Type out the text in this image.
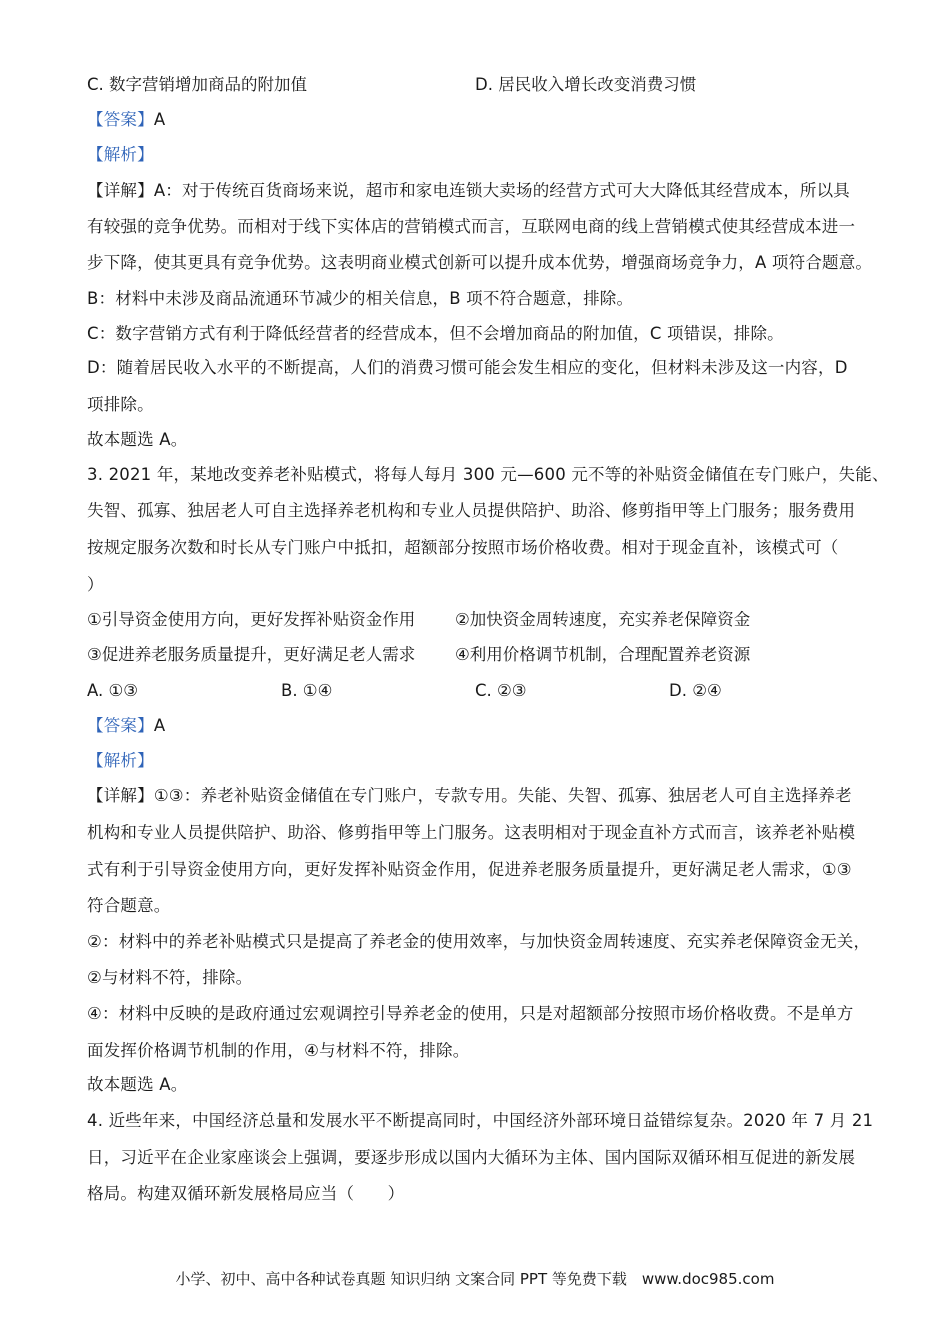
C. 数字营销增加商品的附加值	D. 居民收入增长改变消费习惯
【答案】A
【解析】
【详解】A：对于传统百货商场来说，超市和家电连锁大卖场的经营方式可大大降低其经营成本，所以具
有较强的竞争优势。而相对于线下实体店的营销模式而言，互联网电商的线上营销模式使其经营成本进一
步下降，使其更具有竞争优势。这表明商业模式创新可以提升成本优势，增强商场竞争力，A 项符合题意。
B：材料中未涉及商品流通环节减少的相关信息，B 项不符合题意，排除。
C：数字营销方式有利于降低经营者的经营成本，但不会增加商品的附加值，C 项错误，排除。
D：随着居民收入水平的不断提高，人们的消费习惯可能会发生相应的变化，但材料未涉及这一内容，D
项排除。
故本题选 A。
3. 2021 年，某地改变养老补贴模式，将每人每月 300 元—600 元不等的补贴资金储值在专门账户，失能、
失智、孤寡、独居老人可自主选择养老机构和专业人员提供陪护、助浴、修剪指甲等上门服务；服务费用
按规定服务次数和时长从专门账户中抵扣，超额部分按照市场价格收费。相对于现金直补，该模式可（
）
①引导资金使用方向，更好发挥补贴资金作用 ②加快资金周转速度，充实养老保障资金
③促进养老服务质量提升，更好满足老人需求 ④利用价格调节机制，合理配置养老资源
A. ①③	B. ①④	C. ②③	D. ②④
【答案】A
【解析】
【详解】①③：养老补贴资金储值在专门账户，专款专用。失能、失智、孤寡、独居老人可自主选择养老
机构和专业人员提供陪护、助浴、修剪指甲等上门服务。这表明相对于现金直补方式而言，该养老补贴模
式有利于引导资金使用方向，更好发挥补贴资金作用，促进养老服务质量提升，更好满足老人需求，①③
符合题意。
②：材料中的养老补贴模式只是提高了养老金的使用效率，与加快资金周转速度、充实养老保障资金无关，
②与材料不符，排除。
④：材料中反映的是政府通过宏观调控引导养老金的使用，只是对超额部分按照市场价格收费。不是单方
面发挥价格调节机制的作用，④与材料不符，排除。
故本题选 A。
4. 近些年来，中国经济总量和发展水平不断提高同时，中国经济外部环境日益错综复杂。2020 年 7 月 21
日，习近平在企业家座谈会上强调，要逐步形成以国内大循环为主体、国内国际双循环相互促进的新发展
格局。构建双循环新发展格局应当（　　）
小学、初中、高中各种试卷真题 知识归纳 文案合同 PPT 等免费下载　www.doc985.com
